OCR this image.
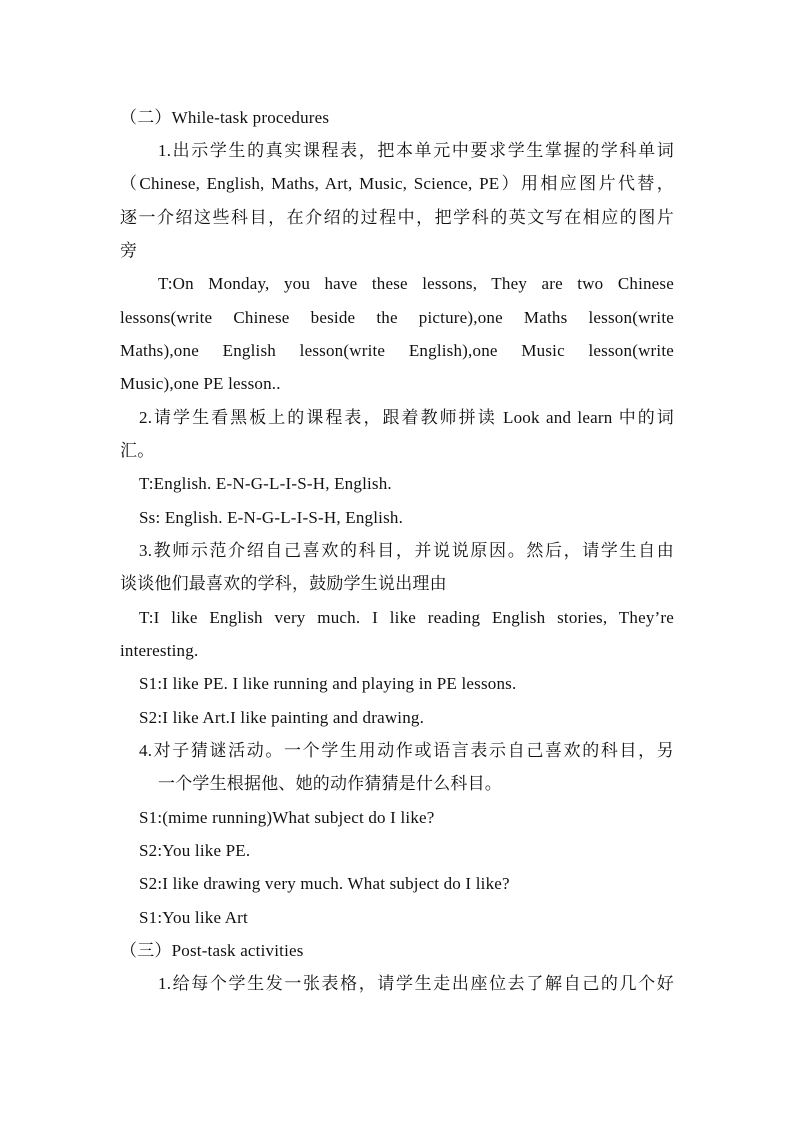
（二）While-task procedures
1.出示学生的真实课程表，把本单元中要求学生掌握的学科单词
（Chinese, English, Maths, Art, Music, Science, PE）用相应图片代替，
逐一介绍这些科目，在介绍的过程中，把学科的英文写在相应的图片
旁
T:On Monday, you have these lessons, They are two Chinese
lessons(write Chinese beside the picture),one Maths lesson(write
Maths),one English lesson(write English),one Music lesson(write
Music),one PE lesson..
2.请学生看黑板上的课程表，跟着教师拼读 Look and learn 中的词
汇。
T:English. E-N-G-L-I-S-H, English.
Ss: English. E-N-G-L-I-S-H, English.
3.教师示范介绍自己喜欢的科目，并说说原因。然后，请学生自由
谈谈他们最喜欢的学科，鼓励学生说出理由
T:I like English very much. I like reading English stories, They’re
interesting.
S1:I like PE. I like running and playing in PE lessons.
S2:I like Art.I like painting and drawing.
4.对子猜谜活动。一个学生用动作或语言表示自己喜欢的科目，另
一个学生根据他、她的动作猜猜是什么科目。
S1:(mime running)What subject do I like?
S2:You like PE.
S2:I like drawing very much. What subject do I like?
S1:You like Art
（三）Post-task activities
1.给每个学生发一张表格，请学生走出座位去了解自己的几个好
